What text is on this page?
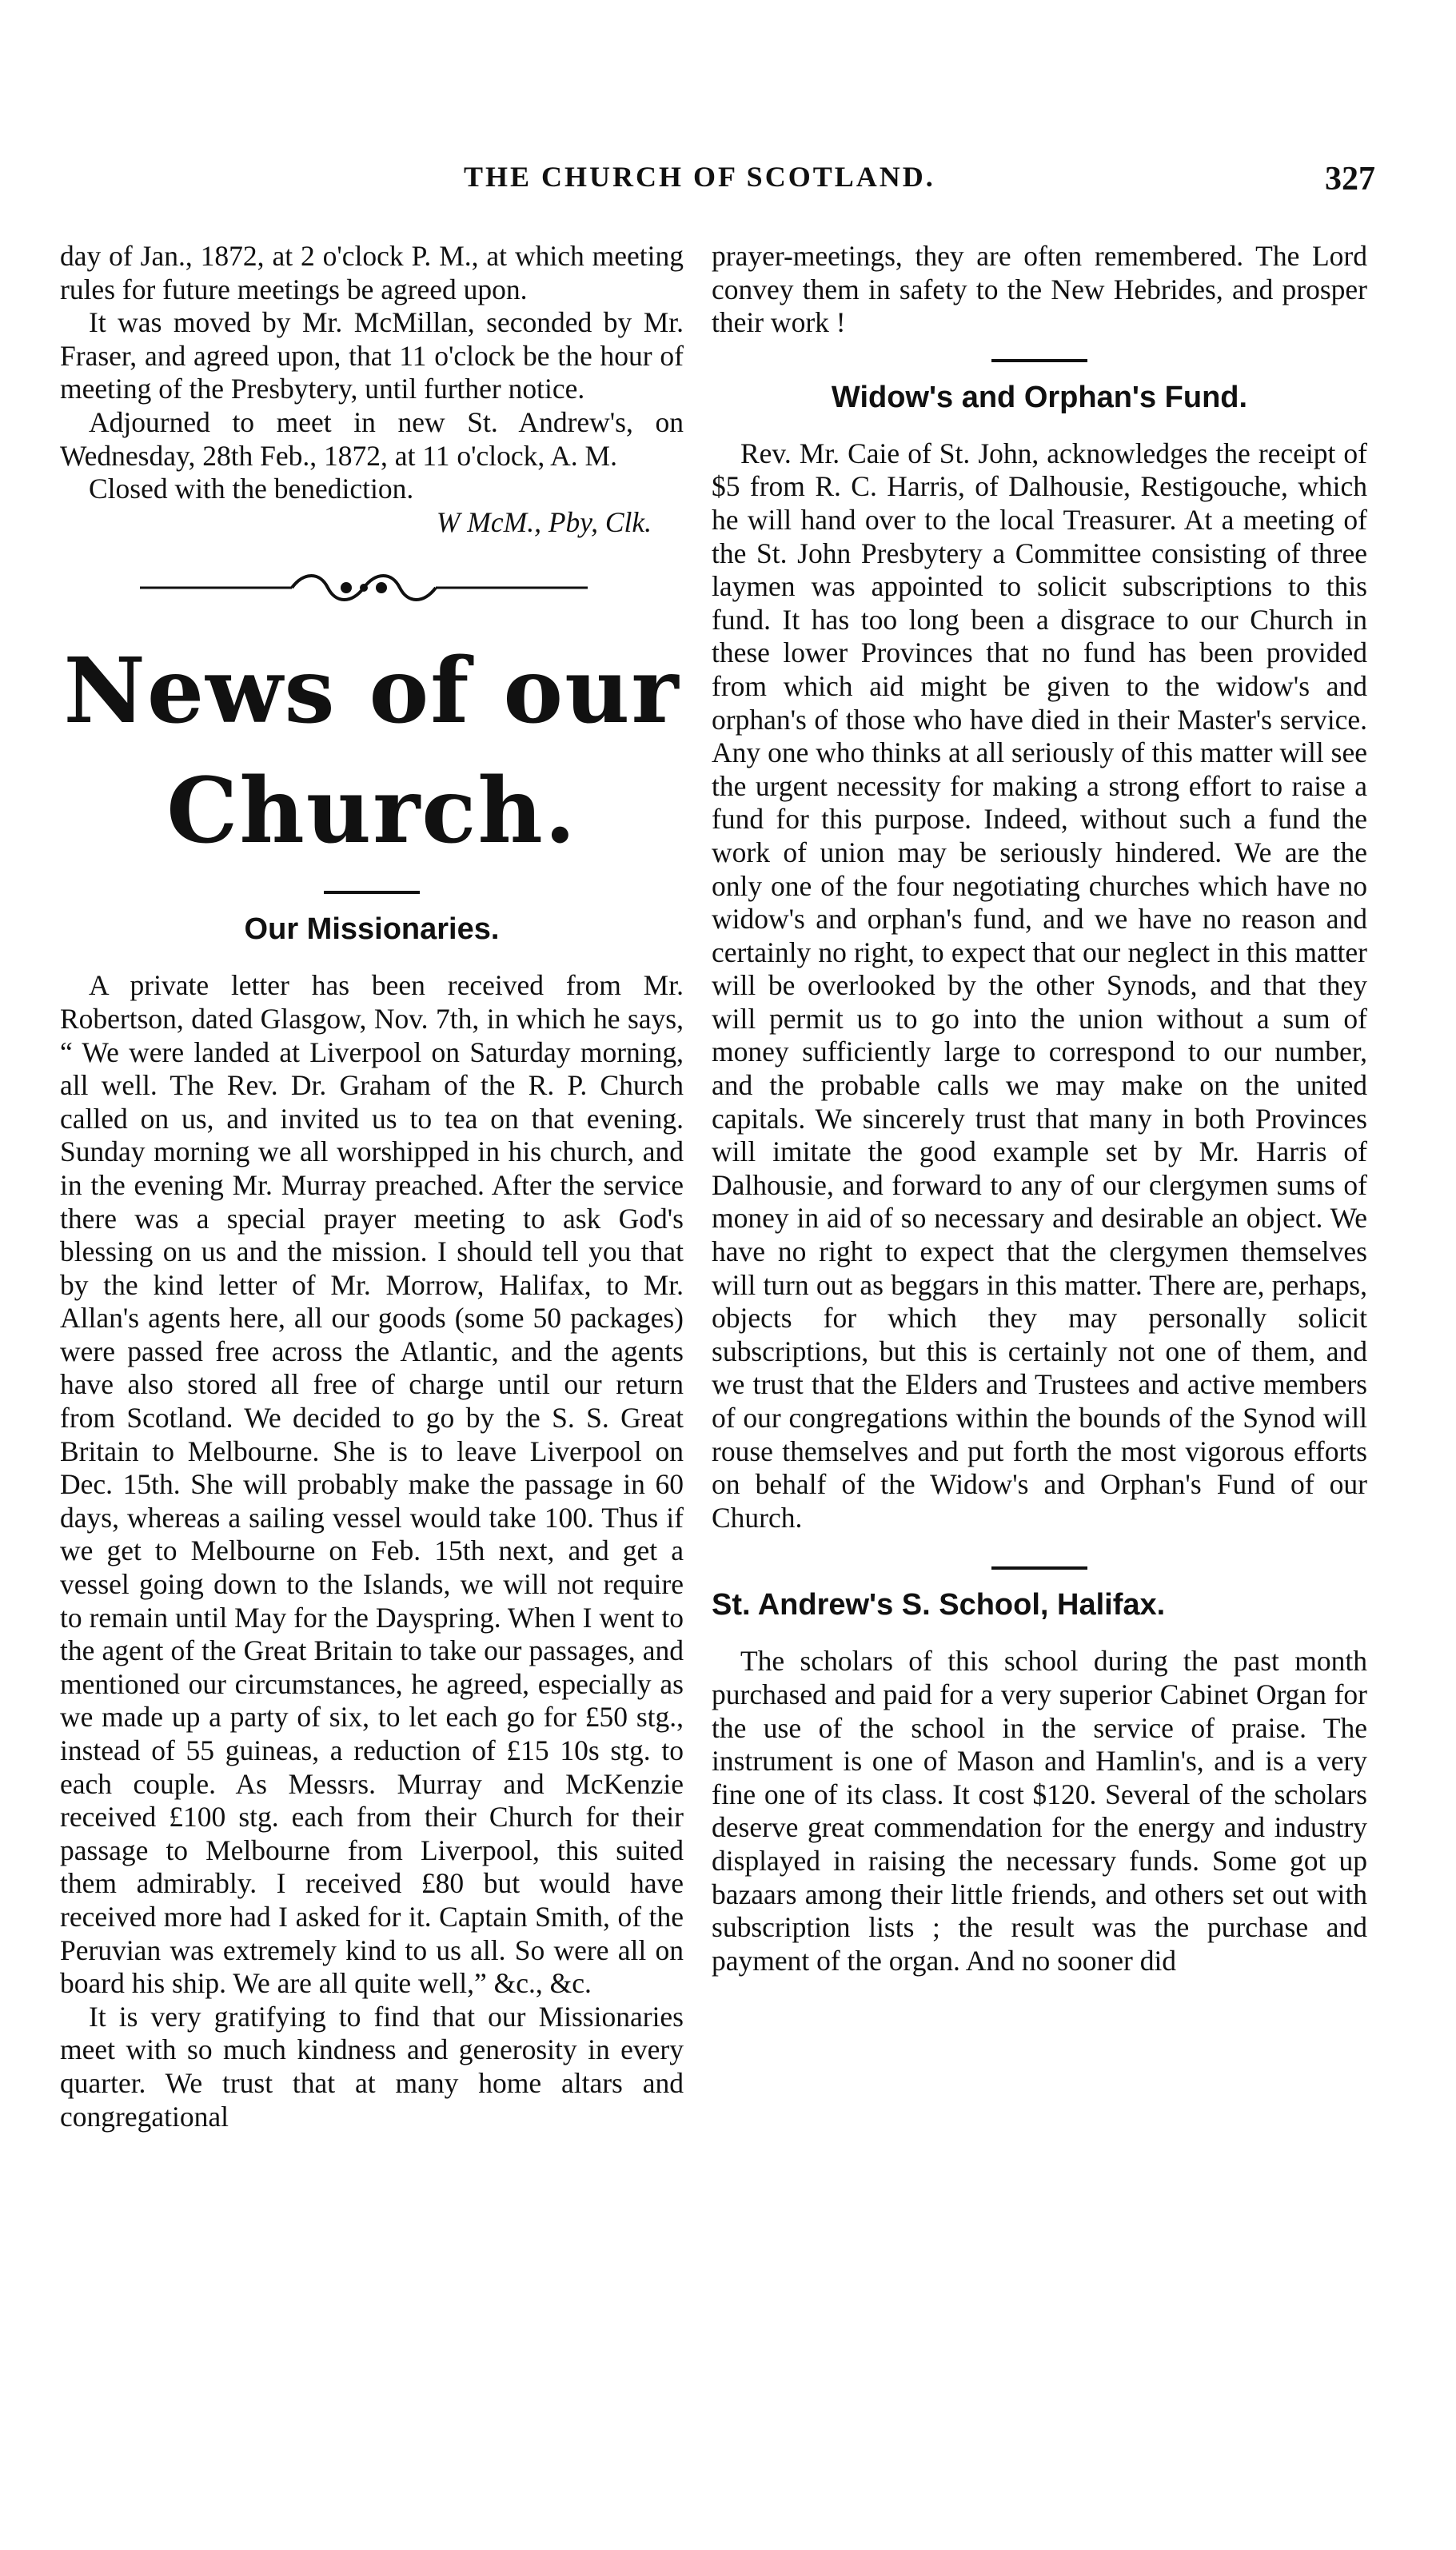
THE CHURCH OF SCOTLAND.	327

day of Jan., 1872, at 2 o'clock P. M., at which meeting rules for future meetings be agreed upon.

It was moved by Mr. McMillan, seconded by Mr. Fraser, and agreed upon, that 11 o'clock be the hour of meeting of the Presbytery, until further notice.

Adjourned to meet in new St. Andrew's, on Wednesday, 28th Feb., 1872, at 11 o'clock, A. M.

Closed with the benediction.

W McM., Pby, Clk.

News of our Church.
Our Missionaries.

A private letter has been received from Mr. Robertson, dated Glasgow, Nov. 7th, in which he says, “ We were landed at Liverpool on Saturday morning, all well. The Rev. Dr. Graham of the R. P. Church called on us, and invited us to tea on that evening. Sunday morning we all worshipped in his church, and in the evening Mr. Murray preached. After the service there was a special prayer meeting to ask God's blessing on us and the mission. I should tell you that by the kind letter of Mr. Morrow, Halifax, to Mr. Allan's agents here, all our goods (some 50 packages) were passed free across the Atlantic, and the agents have also stored all free of charge until our return from Scotland. We decided to go by the S. S. Great Britain to Melbourne. She is to leave Liverpool on Dec. 15th. She will probably make the passage in 60 days, whereas a sailing vessel would take 100. Thus if we get to Melbourne on Feb. 15th next, and get a vessel going down to the Islands, we will not require to remain until May for the Dayspring. When I went to the agent of the Great Britain to take our passages, and mentioned our circumstances, he agreed, especially as we made up a party of six, to let each go for £50 stg., instead of 55 guineas, a reduction of £15 10s stg. to each couple. As Messrs. Murray and McKenzie received £100 stg. each from their Church for their passage to Melbourne from Liverpool, this suited them admirably. I received £80 but would have received more had I asked for it. Captain Smith, of the Peruvian was extremely kind to us all. So were all on board his ship. We are all quite well,” &c., &c.

It is very gratifying to find that our Missionaries meet with so much kindness and generosity in every quarter. We trust that at many home altars and congregational

prayer-meetings, they are often remembered. The Lord convey them in safety to the New Hebrides, and prosper their work !

Widow's and Orphan's Fund.

Rev. Mr. Caie of St. John, acknowledges the receipt of $5 from R. C. Harris, of Dalhousie, Restigouche, which he will hand over to the local Treasurer. At a meeting of the St. John Presbytery a Committee consisting of three laymen was appointed to solicit subscriptions to this fund. It has too long been a disgrace to our Church in these lower Provinces that no fund has been provided from which aid might be given to the widow's and orphan's of those who have died in their Master's service. Any one who thinks at all seriously of this matter will see the urgent necessity for making a strong effort to raise a fund for this purpose. Indeed, without such a fund the work of union may be seriously hindered. We are the only one of the four negotiating churches which have no widow's and orphan's fund, and we have no reason and certainly no right, to expect that our neglect in this matter will be overlooked by the other Synods, and that they will permit us to go into the union without a sum of money sufficiently large to correspond to our number, and the probable calls we may make on the united capitals. We sincerely trust that many in both Provinces will imitate the good example set by Mr. Harris of Dalhousie, and forward to any of our clergymen sums of money in aid of so necessary and desirable an object. We have no right to expect that the clergymen themselves will turn out as beggars in this matter. There are, perhaps, objects for which they may personally solicit subscriptions, but this is certainly not one of them, and we trust that the Elders and Trustees and active members of our congregations within the bounds of the Synod will rouse themselves and put forth the most vigorous efforts on behalf of the Widow's and Orphan's Fund of our Church.

St. Andrew's S. School, Halifax.

The scholars of this school during the past month purchased and paid for a very superior Cabinet Organ for the use of the school in the service of praise. The instrument is one of Mason and Hamlin's, and is a very fine one of its class. It cost $120. Several of the scholars deserve great commendation for the energy and industry displayed in raising the necessary funds. Some got up bazaars among their little friends, and others set out with subscription lists ; the result was the purchase and payment of the organ. And no sooner did
